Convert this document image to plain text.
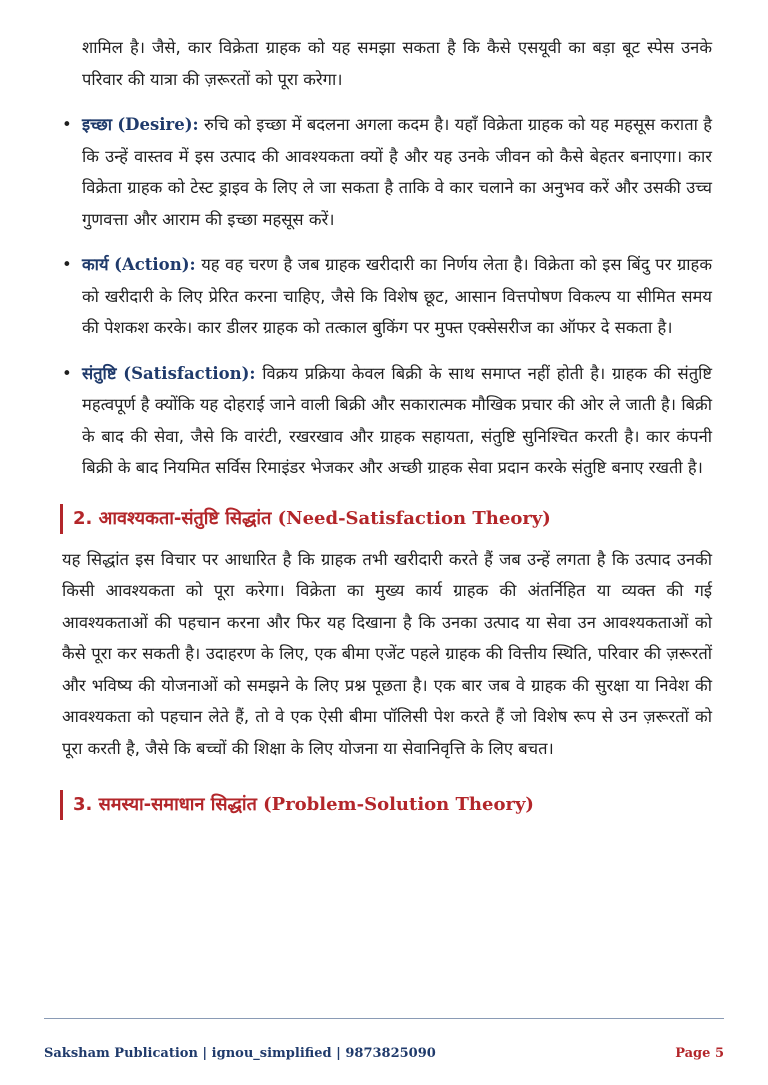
शामिल है। जैसे, कार विक्रेता ग्राहक को यह समझा सकता है कि कैसे एसयूवी का बड़ा बूट स्पेस उनके परिवार की यात्रा की ज़रूरतों को पूरा करेगा।

• इच्छा (Desire): रुचि को इच्छा में बदलना अगला कदम है। यहाँ विक्रेता ग्राहक को यह महसूस कराता है कि उन्हें वास्तव में इस उत्पाद की आवश्यकता क्यों है और यह उनके जीवन को कैसे बेहतर बनाएगा। कार विक्रेता ग्राहक को टेस्ट ड्राइव के लिए ले जा सकता है ताकि वे कार चलाने का अनुभव करें और उसकी उच्च गुणवत्ता और आराम की इच्छा महसूस करें।

• कार्य (Action): यह वह चरण है जब ग्राहक खरीदारी का निर्णय लेता है। विक्रेता को इस बिंदु पर ग्राहक को खरीदारी के लिए प्रेरित करना चाहिए, जैसे कि विशेष छूट, आसान वित्तपोषण विकल्प या सीमित समय की पेशकश करके। कार डीलर ग्राहक को तत्काल बुकिंग पर मुफ्त एक्सेसरीज का ऑफर दे सकता है।

• संतुष्टि (Satisfaction): विक्रय प्रक्रिया केवल बिक्री के साथ समाप्त नहीं होती है। ग्राहक की संतुष्टि महत्वपूर्ण है क्योंकि यह दोहराई जाने वाली बिक्री और सकारात्मक मौखिक प्रचार की ओर ले जाती है। बिक्री के बाद की सेवा, जैसे कि वारंटी, रखरखाव और ग्राहक सहायता, संतुष्टि सुनिश्चित करती है। कार कंपनी बिक्री के बाद नियमित सर्विस रिमाइंडर भेजकर और अच्छी ग्राहक सेवा प्रदान करके संतुष्टि बनाए रखती है।

2. आवश्यकता-संतुष्टि सिद्धांत (Need-Satisfaction Theory)

यह सिद्धांत इस विचार पर आधारित है कि ग्राहक तभी खरीदारी करते हैं जब उन्हें लगता है कि उत्पाद उनकी किसी आवश्यकता को पूरा करेगा। विक्रेता का मुख्य कार्य ग्राहक की अंतर्निहित या व्यक्त की गई आवश्यकताओं की पहचान करना और फिर यह दिखाना है कि उनका उत्पाद या सेवा उन आवश्यकताओं को कैसे पूरा कर सकती है। उदाहरण के लिए, एक बीमा एजेंट पहले ग्राहक की वित्तीय स्थिति, परिवार की ज़रूरतों और भविष्य की योजनाओं को समझने के लिए प्रश्न पूछता है। एक बार जब वे ग्राहक की सुरक्षा या निवेश की आवश्यकता को पहचान लेते हैं, तो वे एक ऐसी बीमा पॉलिसी पेश करते हैं जो विशेष रूप से उन ज़रूरतों को पूरा करती है, जैसे कि बच्चों की शिक्षा के लिए योजना या सेवानिवृत्ति के लिए बचत।

3. समस्या-समाधान सिद्धांत (Problem-Solution Theory)
Saksham Publication | ignou_simplified | 9873825090	Page 5
